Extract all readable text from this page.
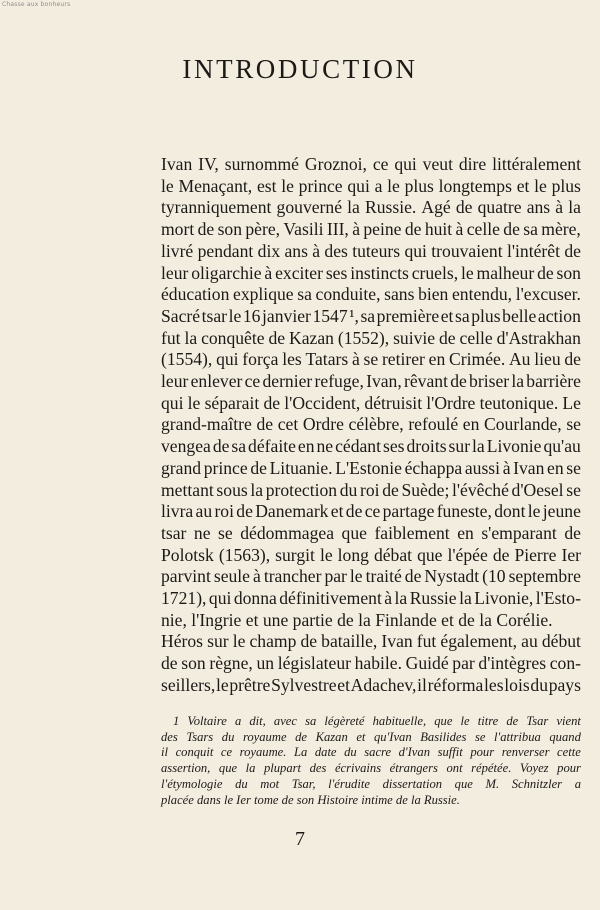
Chasse aux bonheurs
INTRODUCTION
Ivan IV, surnommé Groznoi, ce qui veut dire littéralement
le Menaçant, est le prince qui a le plus longtemps et le plus
tyranniquement gouverné la Russie. Agé de quatre ans à la
mort de son père, Vasili III, à peine de huit à celle de sa mère,
livré pendant dix ans à des tuteurs qui trouvaient l'intérêt de
leur oligarchie à exciter ses instincts cruels, le malheur de son
éducation explique sa conduite, sans bien entendu, l'excuser.
Sacré tsar le 16 janvier 1547 ¹, sa première et sa plus belle action
fut la conquête de Kazan (1552), suivie de celle d'Astrakhan
(1554), qui força les Tatars à se retirer en Crimée. Au lieu de
leur enlever ce dernier refuge, Ivan, rêvant de briser la barrière
qui le séparait de l'Occident, détruisit l'Ordre teutonique. Le
grand-maître de cet Ordre célèbre, refoulé en Courlande, se
vengea de sa défaite en ne cédant ses droits sur la Livonie qu'au
grand prince de Lituanie. L'Estonie échappa aussi à Ivan en se
mettant sous la protection du roi de Suède; l'évêché d'Oesel se
livra au roi de Danemark et de ce partage funeste, dont le jeune
tsar ne se dédommagea que faiblement en s'emparant de
Polotsk (1563), surgit le long débat que l'épée de Pierre Ier
parvint seule à trancher par le traité de Nystadt (10 septembre
1721), qui donna définitivement à la Russie la Livonie, l'Esto-
nie, l'Ingrie et une partie de la Finlande et de la Corélie.
Héros sur le champ de bataille, Ivan fut également, au début
de son règne, un législateur habile. Guidé par d'intègres con-
seillers, le prêtre Sylvestre et Adachev, il réforma les lois du pays
1 Voltaire a dit, avec sa légèreté habituelle, que le titre de Tsar vient
des Tsars du royaume de Kazan et qu'Ivan Basilides se l'attribua quand
il conquit ce royaume. La date du sacre d'Ivan suffit pour renverser cette
assertion, que la plupart des écrivains étrangers ont répétée. Voyez pour
l'étymologie du mot Tsar, l'érudite dissertation que M. Schnitzler a
placée dans le Ier tome de son Histoire intime de la Russie.
7
